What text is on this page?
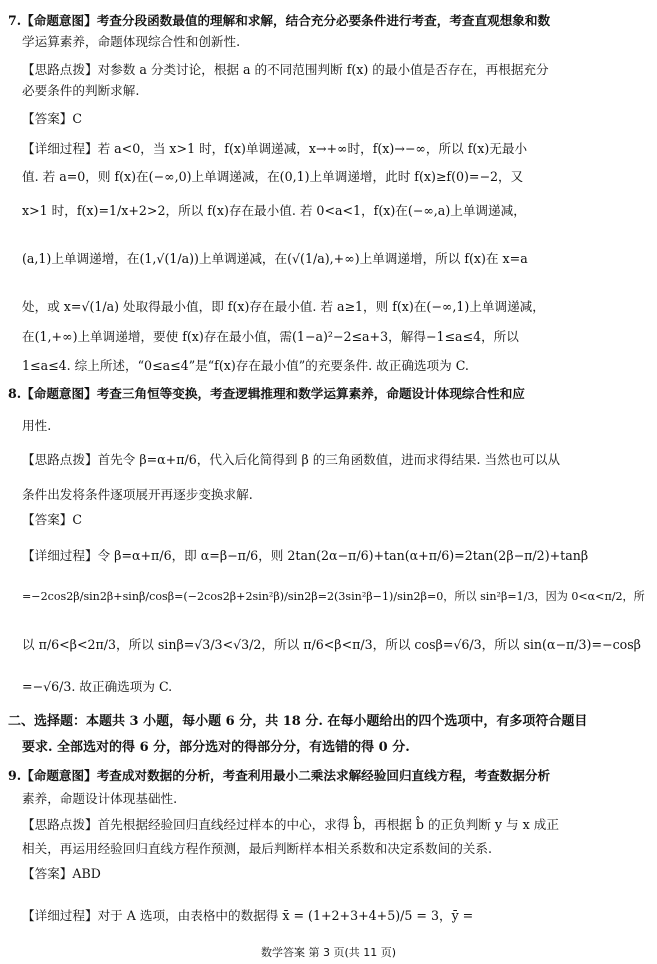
7.【命题意图】考查分段函数最值的理解和求解，结合充分必要条件进行考查，考查直观想象和数
学运算素养，命题体现综合性和创新性.
【思路点拨】对参数 a 分类讨论，根据 a 的不同范围判断 f(x) 的最小值是否存在，再根据充分
必要条件的判断求解.
【答案】C
【详细过程】若 a<0，当 x>1 时，f(x)单调递减，x→+∞时，f(x)→−∞，所以 f(x)无最小
值. 若 a=0，则 f(x)在(−∞,0)上单调递减，在(0,1)上单调递增，此时 f(x)≥f(0)=−2，又
x>1 时，f(x)=1/x+2>2，所以 f(x)存在最小值. 若 0<a<1，f(x)在(−∞,a)上单调递减，
(a,1)上单调递增，在(1,√(1/a))上单调递减，在(√(1/a),+∞)上单调递增，所以 f(x)在 x=a
处，或 x=√(1/a) 处取得最小值，即 f(x)存在最小值. 若 a≥1，则 f(x)在(−∞,1)上单调递减，
在(1,+∞)上单调递增，要使 f(x)存在最小值，需(1−a)²−2≤a+3，解得−1≤a≤4，所以
1≤a≤4. 综上所述，“0≤a≤4”是“f(x)存在最小值”的充要条件. 故正确选项为 C.
8.【命题意图】考查三角恒等变换，考查逻辑推理和数学运算素养，命题设计体现综合性和应
用性.
【思路点拨】首先令 β=α+π/6，代入后化简得到 β 的三角函数值，进而求得结果. 当然也可以从
条件出发将条件逐项展开再逐步变换求解.
【答案】C
【详细过程】令 β=α+π/6，即 α=β−π/6，则 2tan(2α−π/6)+tan(α+π/6)=2tan(2β−π/2)+tanβ
=−2cos2β/sin2β+sinβ/cosβ=(−2cos2β+2sin²β)/sin2β=2(3sin²β−1)/sin2β=0，所以 sin²β=1/3，因为 0<α<π/2，所
以 π/6<β<2π/3，所以 sinβ=√3/3<√3/2，所以 π/6<β<π/3，所以 cosβ=√6/3，所以 sin(α−π/3)=−cosβ
=−√6/3. 故正确选项为 C.
二、选择题：本题共 3 小题，每小题 6 分，共 18 分. 在每小题给出的四个选项中，有多项符合题目
要求. 全部选对的得 6 分，部分选对的得部分分，有选错的得 0 分.
9.【命题意图】考查成对数据的分析，考查利用最小二乘法求解经验回归直线方程，考查数据分析
素养，命题设计体现基础性.
【思路点拨】首先根据经验回归直线经过样本的中心，求得 b̂，再根据 b̂ 的正负判断 y 与 x 成正
相关，再运用经验回归直线方程作预测，最后判断样本相关系数和决定系数间的关系.
【答案】ABD
【详细过程】对于 A 选项，由表格中的数据得 x̄ = (1+2+3+4+5)/5 = 3，ȳ =
数学答案 第 3 页(共 11 页)
